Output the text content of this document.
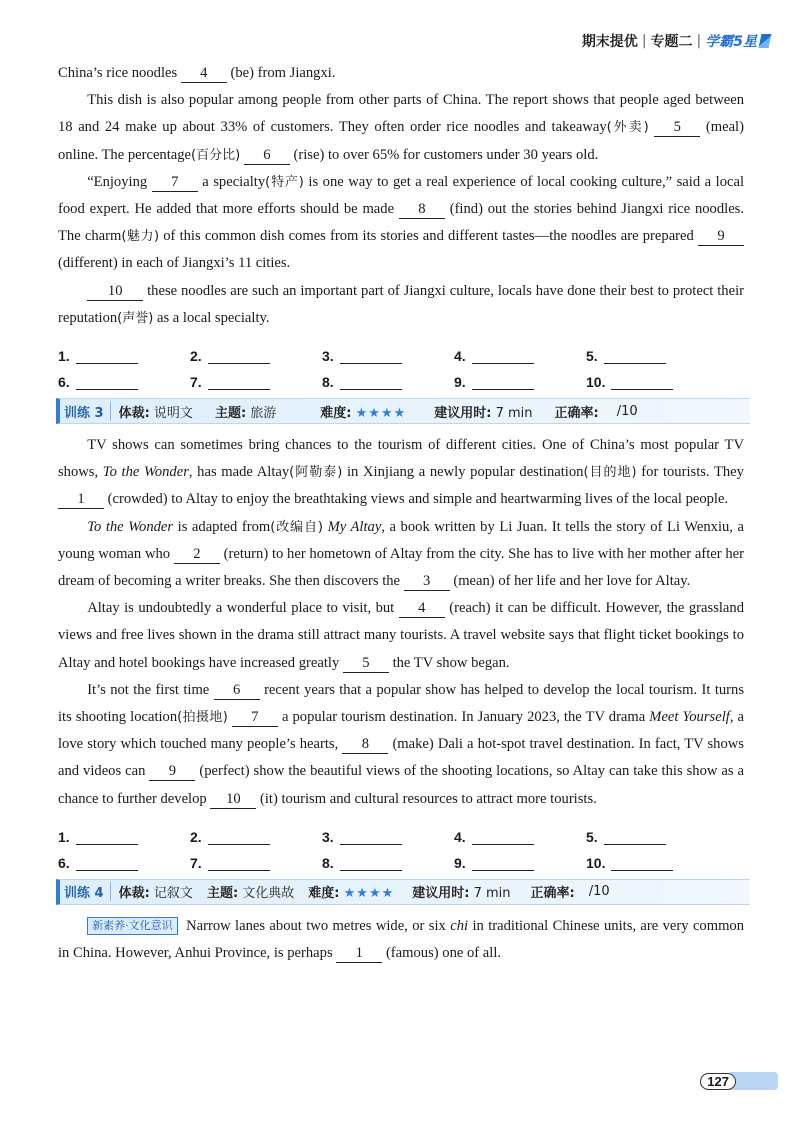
期末提优 | 专题二 | 学霸5星

China’s rice noodles 4 (be) from Jiangxi.

This dish is also popular among people from other parts of China. The report shows that people aged between 18 and 24 make up about 33% of customers. They often order rice noodles and takeaway(外卖) 5 (meal) online. The percentage(百分比) 6 (rise) to over 65% for customers under 30 years old.

“Enjoying 7 a specialty(特产) is one way to get a real experience of local cooking culture,” said a local food expert. He added that more efforts should be made 8 (find) out the stories behind Jiangxi rice noodles. The charm(魅力) of this common dish comes from its stories and different tastes—the noodles are prepared 9 (different) in each of Jiangxi’s 11 cities.

10 these noodles are such an important part of Jiangxi culture, locals have done their best to protect their reputation(声誉) as a local specialty.

1.	2.	3.	4.	5.
6.	7.	8.	9.	10.
训练 3	体裁: 说明文 主题: 旅游	难度: ★★★★ 建议用时: 7 min 正确率: /10

TV shows can sometimes bring chances to the tourism of different cities. One of China’s most popular TV shows, To the Wonder, has made Altay(阿勒泰) in Xinjiang a newly popular destination(目的地) for tourists. They 1 (crowded) to Altay to enjoy the breathtaking views and simple and heartwarming lives of the local people.

To the Wonder is adapted from(改编自) My Altay, a book written by Li Juan. It tells the story of Li Wenxiu, a young woman who 2 (return) to her hometown of Altay from the city. She has to live with her mother after her dream of becoming a writer breaks. She then discovers the 3 (mean) of her life and her love for Altay.

Altay is undoubtedly a wonderful place to visit, but 4 (reach) it can be difficult. However, the grassland views and free lives shown in the drama still attract many tourists. A travel website says that flight ticket bookings to Altay and hotel bookings have increased greatly 5 the TV show began.

It’s not the first time 6 recent years that a popular show has helped to develop the local tourism. It turns its shooting location(拍摄地) 7 a popular tourism destination. In January 2023, the TV drama Meet Yourself, a love story which touched many people’s hearts, 8 (make) Dali a hot-spot travel destination. In fact, TV shows and videos can 9 (perfect) show the beautiful views of the shooting locations, so Altay can take this show as a chance to further develop 10 (it) tourism and cultural resources to attract more tourists.

1.	2.	3.	4.	5.
6.	7.	8.	9.	10.
训练 4	体裁: 记叙文 主题: 文化典故 难度: ★★★★ 建议用时: 7 min 正确率: /10

新素养·文化意识 Narrow lanes about two metres wide, or six chi in traditional Chinese units, are very common in China. However, Anhui Province, is perhaps 1 (famous) one of all.

127
